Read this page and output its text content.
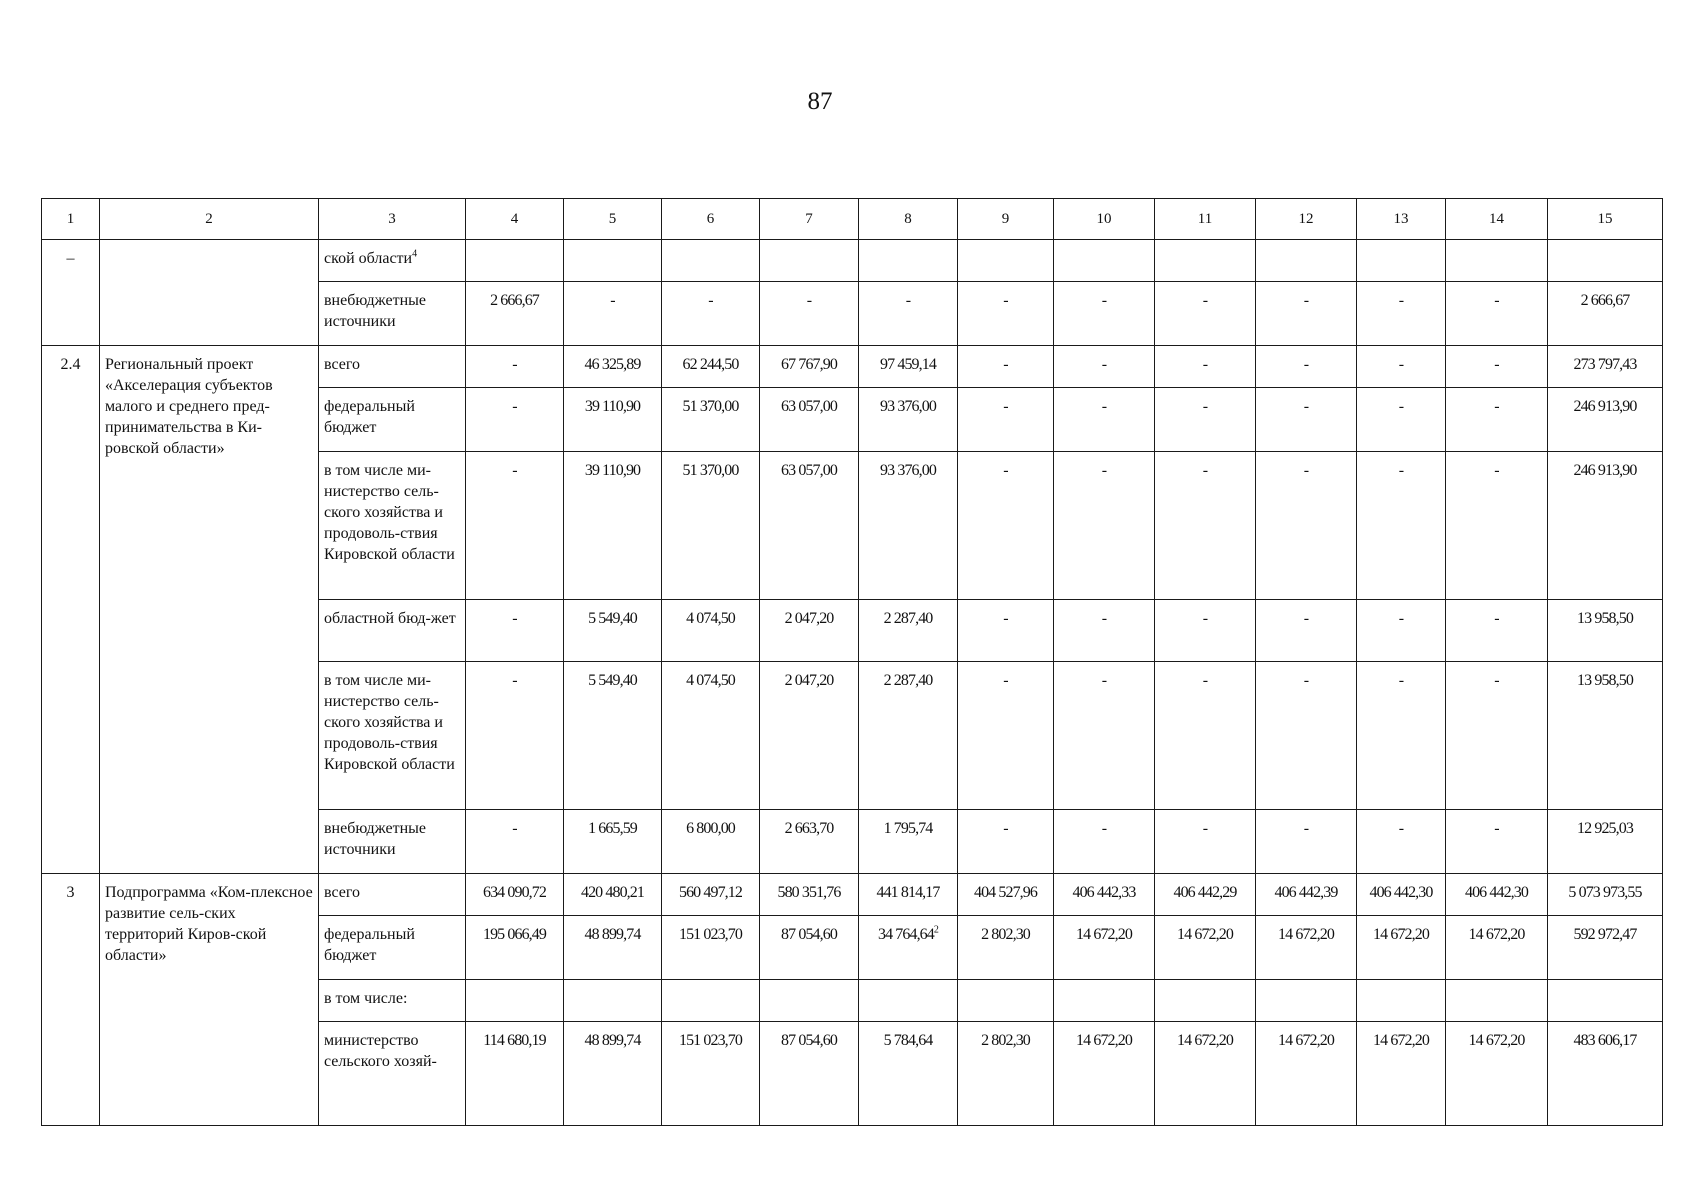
87
1	2	3	4	5	6	7	8	9	10	11	12	13	14	15
–		ской области$^4$												
		внебюджетные источники	2 666,67	-	-	-	-	-	-	-	-	-	-	2 666,67
2.4	Региональный проект «Акселерация субъектов малого и среднего пред-принимательства в Ки-ровской области»	всего	-	46 325,89	62 244,50	67 767,90	97 459,14	-	-	-	-	-	-	273 797,43
		федеральный бюджет	-	39 110,90	51 370,00	63 057,00	93 376,00	-	-	-	-	-	-	246 913,90
		в том числе ми-нистерство сель-ского хозяйства и продоволь-ствия Кировской области	-	39 110,90	51 370,00	63 057,00	93 376,00	-	-	-	-	-	-	246 913,90
		областной бюд-жет	-	5 549,40	4 074,50	2 047,20	2 287,40	-	-	-	-	-	-	13 958,50
		в том числе ми-нистерство сель-ского хозяйства и продоволь-ствия Кировской области	-	5 549,40	4 074,50	2 047,20	2 287,40	-	-	-	-	-	-	13 958,50
		внебюджетные источники	-	1 665,59	6 800,00	2 663,70	1 795,74	-	-	-	-	-	-	12 925,03
3	Подпрограмма «Ком-плексное развитие сель-ских территорий Киров-ской области»	всего	634 090,72	420 480,21	560 497,12	580 351,76	441 814,17	404 527,96	406 442,33	406 442,29	406 442,39	406 442,30	406 442,30	5 073 973,55
		федеральный бюджет	195 066,49	48 899,74	151 023,70	87 054,60	34 764,64$^2$	2 802,30	14 672,20	14 672,20	14 672,20	14 672,20	14 672,20	592 972,47
		в том числе:												
		министерство сельского хозяй-	114 680,19	48 899,74	151 023,70	87 054,60	5 784,64	2 802,30	14 672,20	14 672,20	14 672,20	14 672,20	14 672,20	483 606,17
